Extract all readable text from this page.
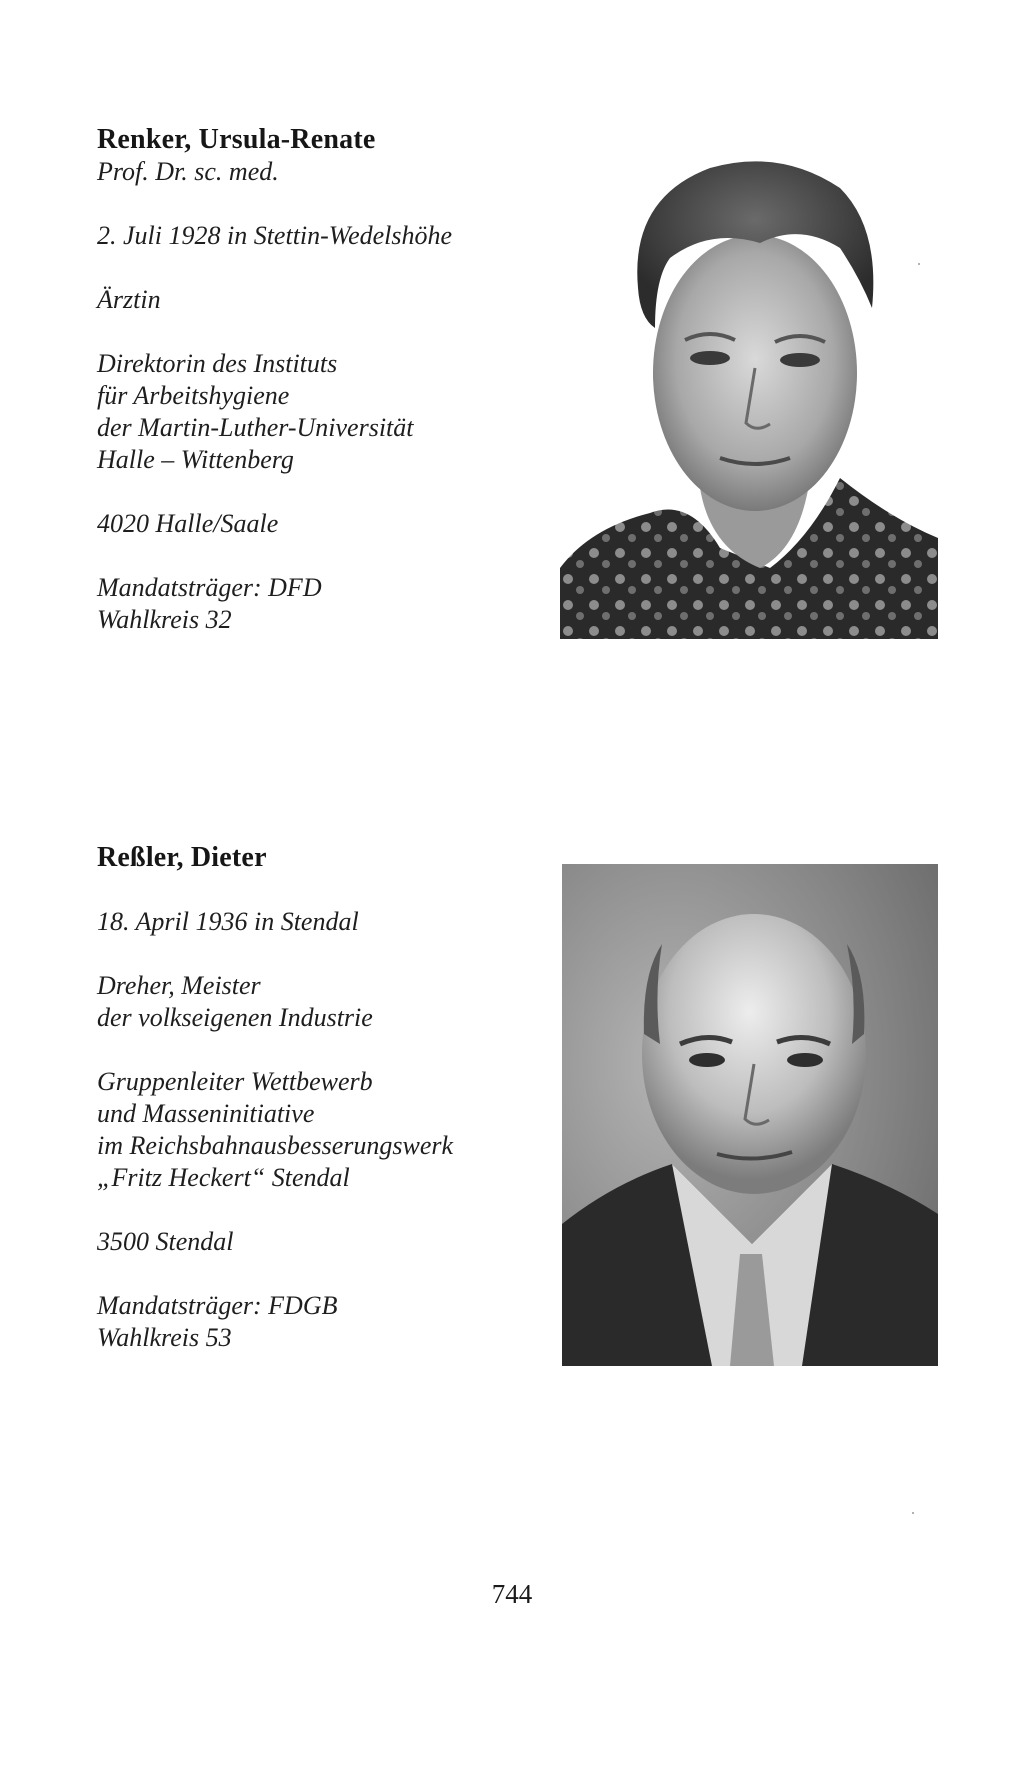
Renker, Ursula-Renate
Prof. Dr. sc. med.
2. Juli 1928 in Stettin-Wedelshöhe
Ärztin
Direktorin des Instituts
für Arbeitshygiene
der Martin-Luther-Universität
Halle – Wittenberg
4020 Halle/Saale
Mandatsträger: DFD
Wahlkreis 32
Reßler, Dieter
18. April 1936 in Stendal
Dreher, Meister
der volkseigenen Industrie
Gruppenleiter Wettbewerb
und Masseninitiative
im Reichsbahnausbesserungswerk
„Fritz Heckert“ Stendal
3500 Stendal
Mandatsträger: FDGB
Wahlkreis 53
744
